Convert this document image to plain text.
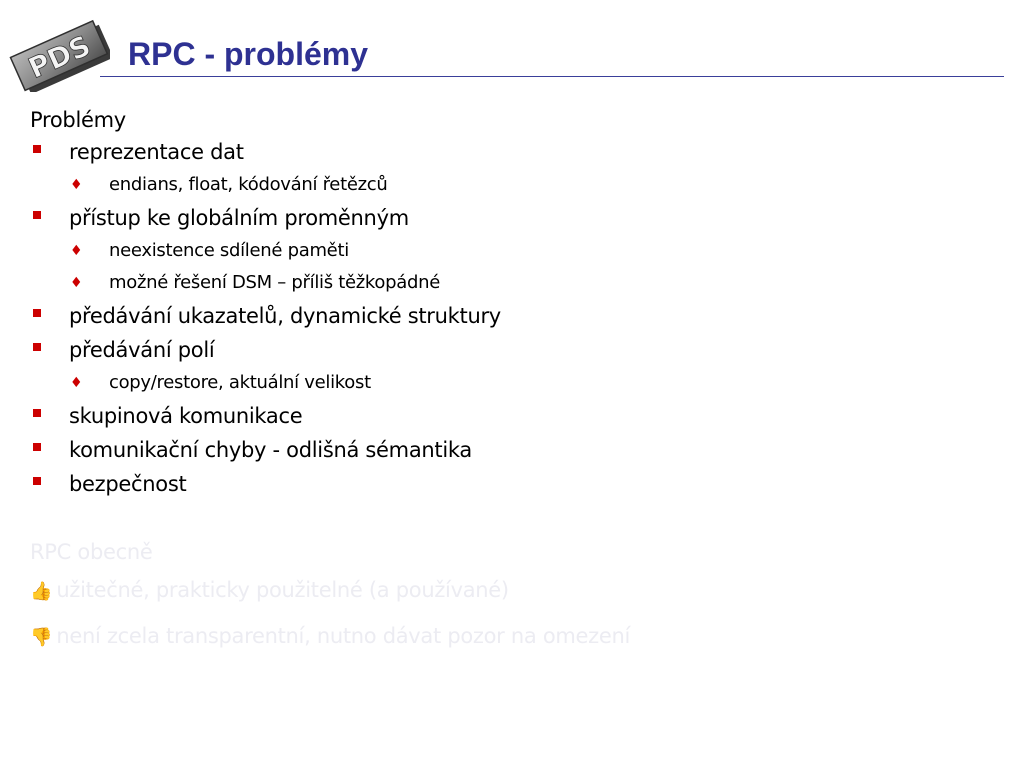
PDS RPC - problémy
Problémy
reprezentace dat
♦ endians, float, kódování řetězců
přístup ke globálním proměnným
♦ neexistence sdílené paměti
♦ možné řešení DSM – příliš těžkopádné
předávání ukazatelů, dynamické struktury
předávání polí
♦ copy/restore, aktuální velikost
skupinová komunikace
komunikační chyby - odlišná sémantika
bezpečnost
RPC obecně
👍 užitečné, prakticky použitelné (a používané)
👎 není zcela transparentní, nutno dávat pozor na omezení
